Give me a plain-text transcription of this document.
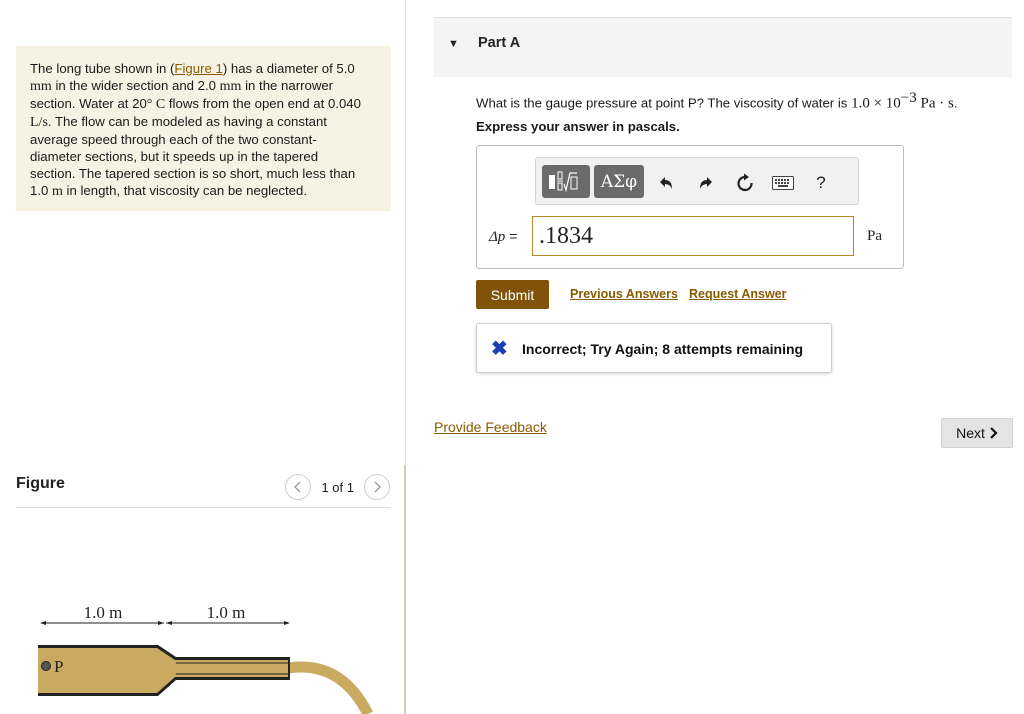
The long tube shown in (Figure 1) has a diameter of 5.0
mm in the wider section and 2.0 mm in the narrower
section. Water at 20° C flows from the open end at 0.040
L/s. The flow can be modeled as having a constant
average speed through each of the two constant-
diameter sections, but it speeds up in the tapered
section. The tapered section is so short, much less than
1.0 m in length, that viscosity can be neglected.
Figure	1 of 1
1.0 m	1.0 m
P
▼ Part A
What is the gauge pressure at point P? The viscosity of water is $1.0 \times 10^{-3}$ Pa · s.
Express your answer in pascals.
ΑΣφ	?
Δp =
.1834	Pa
Submit	Previous Answers Request Answer
✖ Incorrect; Try Again; 8 attempts remaining
Provide Feedback	Next
